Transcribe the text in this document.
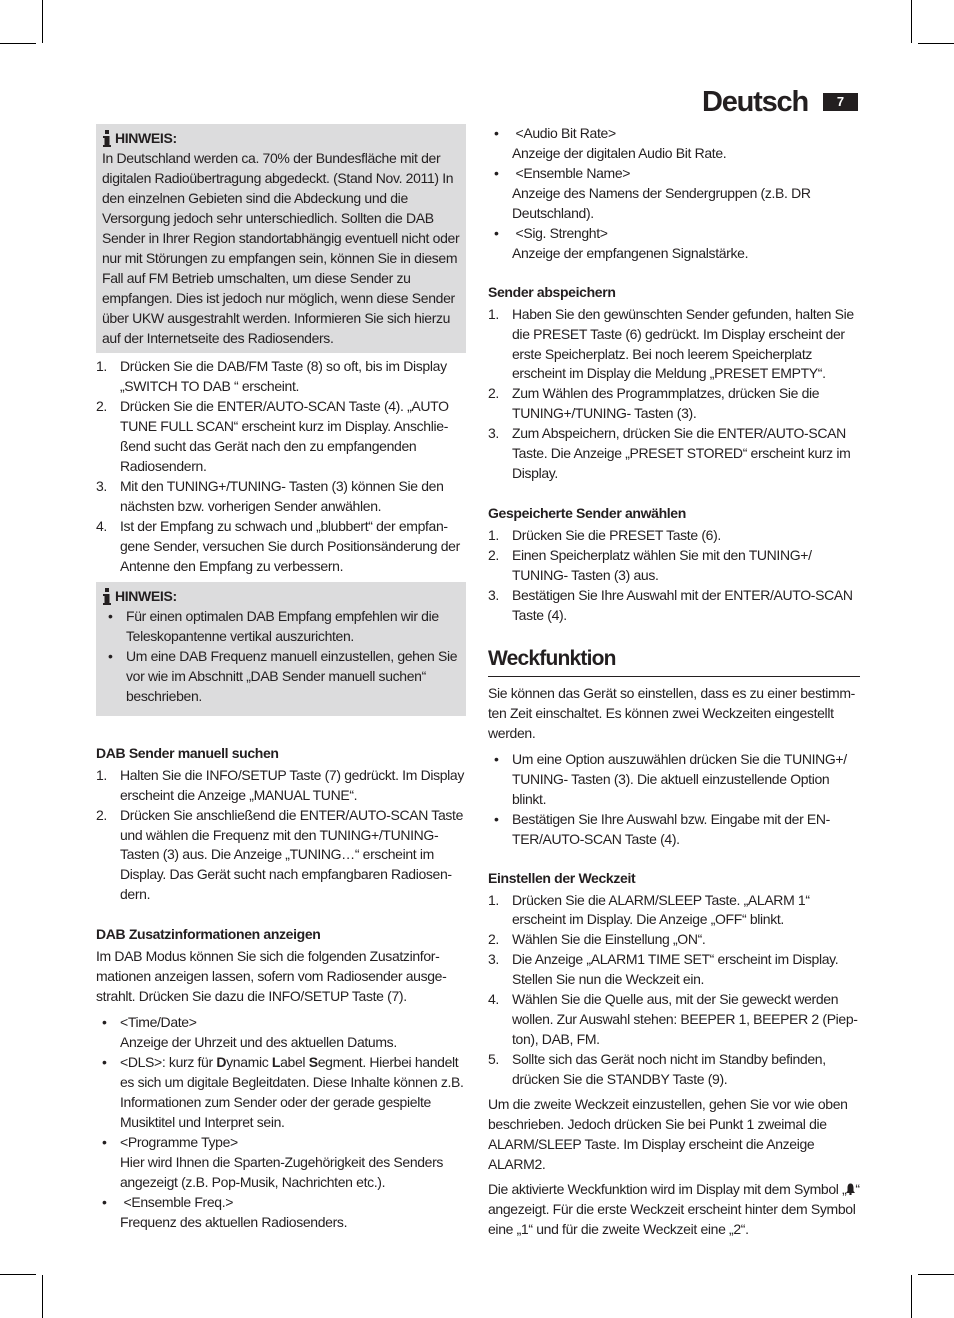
Deutsch	7
HINWEIS:

In Deutschland werden ca. 70% der Bundesfläche mit der digitalen Radioübertragung abgedeckt. (Stand Nov. 2011) In den einzelnen Gebieten sind die Abdeckung und die Versorgung jedoch sehr unterschiedlich. Sollten die DAB Sender in Ihrer Region standortabhängig eventuell nicht oder nur mit Störungen zu empfangen sein, können Sie in diesem Fall auf FM Betrieb umschalten, um diese Sender zu empfangen. Dies ist jedoch nur möglich, wenn diese Sender über UKW ausgestrahlt werden. Informieren Sie sich hierzu auf der Internetseite des Radiosenders.

1. Drücken Sie die DAB/FM Taste (8) so oft, bis im Display „SWITCH TO DAB “ erscheint.
2. Drücken Sie die ENTER/AUTO-SCAN Taste (4). „AUTO TUNE FULL SCAN“ erscheint kurz im Display. Anschlie-ßend sucht das Gerät nach den zu empfangenden Radiosendern.
3. Mit den TUNING+/TUNING- Tasten (3) können Sie den nächsten bzw. vorherigen Sender anwählen.
4. Ist der Empfang zu schwach und „blubbert“ der empfan-gene Sender, versuchen Sie durch Positionsänderung der Antenne den Empfang zu verbessern.
HINWEIS:
• Für einen optimalen DAB Empfang empfehlen wir die Teleskopantenne vertikal auszurichten.
• Um eine DAB Frequenz manuell einzustellen, gehen Sie vor wie im Abschnitt „DAB Sender manuell suchen“ beschrieben.
DAB Sender manuell suchen
1. Halten Sie die INFO/SETUP Taste (7) gedrückt. Im Display erscheint die Anzeige „MANUAL TUNE“.
2. Drücken Sie anschließend die ENTER/AUTO-SCAN Taste und wählen die Frequenz mit den TUNING+/TUNING-Tasten (3) aus. Die Anzeige „TUNING…“ erscheint im Display. Das Gerät sucht nach empfangbaren Radiosen-dern.
DAB Zusatzinformationen anzeigen

Im DAB Modus können Sie sich die folgenden Zusatzinfor-mationen anzeigen lassen, sofern vom Radiosender ausge-strahlt. Drücken Sie dazu die INFO/SETUP Taste (7).

• <Time/Date>
Anzeige der Uhrzeit und des aktuellen Datums.
• <DLS>: kurz für Dynamic Label Segment. Hierbei handelt es sich um digitale Begleitdaten. Diese Inhalte können z.B. Informationen zum Sender oder der gerade gespielte Musiktitel und Interpret sein.
• <Programme Type>
Hier wird Ihnen die Sparten-Zugehörigkeit des Senders angezeigt (z.B. Pop-Musik, Nachrichten etc.).
• <Ensemble Freq.>
Frequenz des aktuellen Radiosenders.
• <Audio Bit Rate>
Anzeige der digitalen Audio Bit Rate.
• <Ensemble Name>
Anzeige des Namens der Sendergruppen (z.B. DR Deutschland).
• <Sig. Strenght>
Anzeige der empfangenen Signalstärke.
Sender abspeichern
1. Haben Sie den gewünschten Sender gefunden, halten Sie die PRESET Taste (6) gedrückt. Im Display erscheint der erste Speicherplatz. Bei noch leerem Speicherplatz erscheint im Display die Meldung „PRESET EMPTY“.
2. Zum Wählen des Programmplatzes, drücken Sie die TUNING+/TUNING- Tasten (3).
3. Zum Abspeichern, drücken Sie die ENTER/AUTO-SCAN Taste. Die Anzeige „PRESET STORED“ erscheint kurz im Display.
Gespeicherte Sender anwählen
1. Drücken Sie die PRESET Taste (6).
2. Einen Speicherplatz wählen Sie mit den TUNING+/ TUNING- Tasten (3) aus.
3. Bestätigen Sie Ihre Auswahl mit der ENTER/AUTO-SCAN Taste (4).
Weckfunktion

Sie können das Gerät so einstellen, dass es zu einer bestimm-ten Zeit einschaltet. Es können zwei Weckzeiten eingestellt werden.

• Um eine Option auszuwählen drücken Sie die TUNING+/ TUNING- Tasten (3). Die aktuell einzustellende Option blinkt.
• Bestätigen Sie Ihre Auswahl bzw. Eingabe mit der EN-TER/AUTO-SCAN Taste (4).
Einstellen der Weckzeit
1. Drücken Sie die ALARM/SLEEP Taste. „ALARM 1“ erscheint im Display. Die Anzeige „OFF“ blinkt.
2. Wählen Sie die Einstellung „ON“.
3. Die Anzeige „ALARM1 TIME SET“ erscheint im Display. Stellen Sie nun die Weckzeit ein.
4. Wählen Sie die Quelle aus, mit der Sie geweckt werden wollen. Zur Auswahl stehen: BEEPER 1, BEEPER 2 (Piep-ton), DAB, FM.
5. Sollte sich das Gerät noch nicht im Standby befinden, drücken Sie die STANDBY Taste (9).

Um die zweite Weckzeit einzustellen, gehen Sie vor wie oben beschrieben. Jedoch drücken Sie bei Punkt 1 zweimal die ALARM/SLEEP Taste. Im Display erscheint die Anzeige ALARM2.

Die aktivierte Weckfunktion wird im Display mit dem Symbol „ “ angezeigt. Für die erste Weckzeit erscheint hinter dem Symbol eine „1“ und für die zweite Weckzeit eine „2“.
